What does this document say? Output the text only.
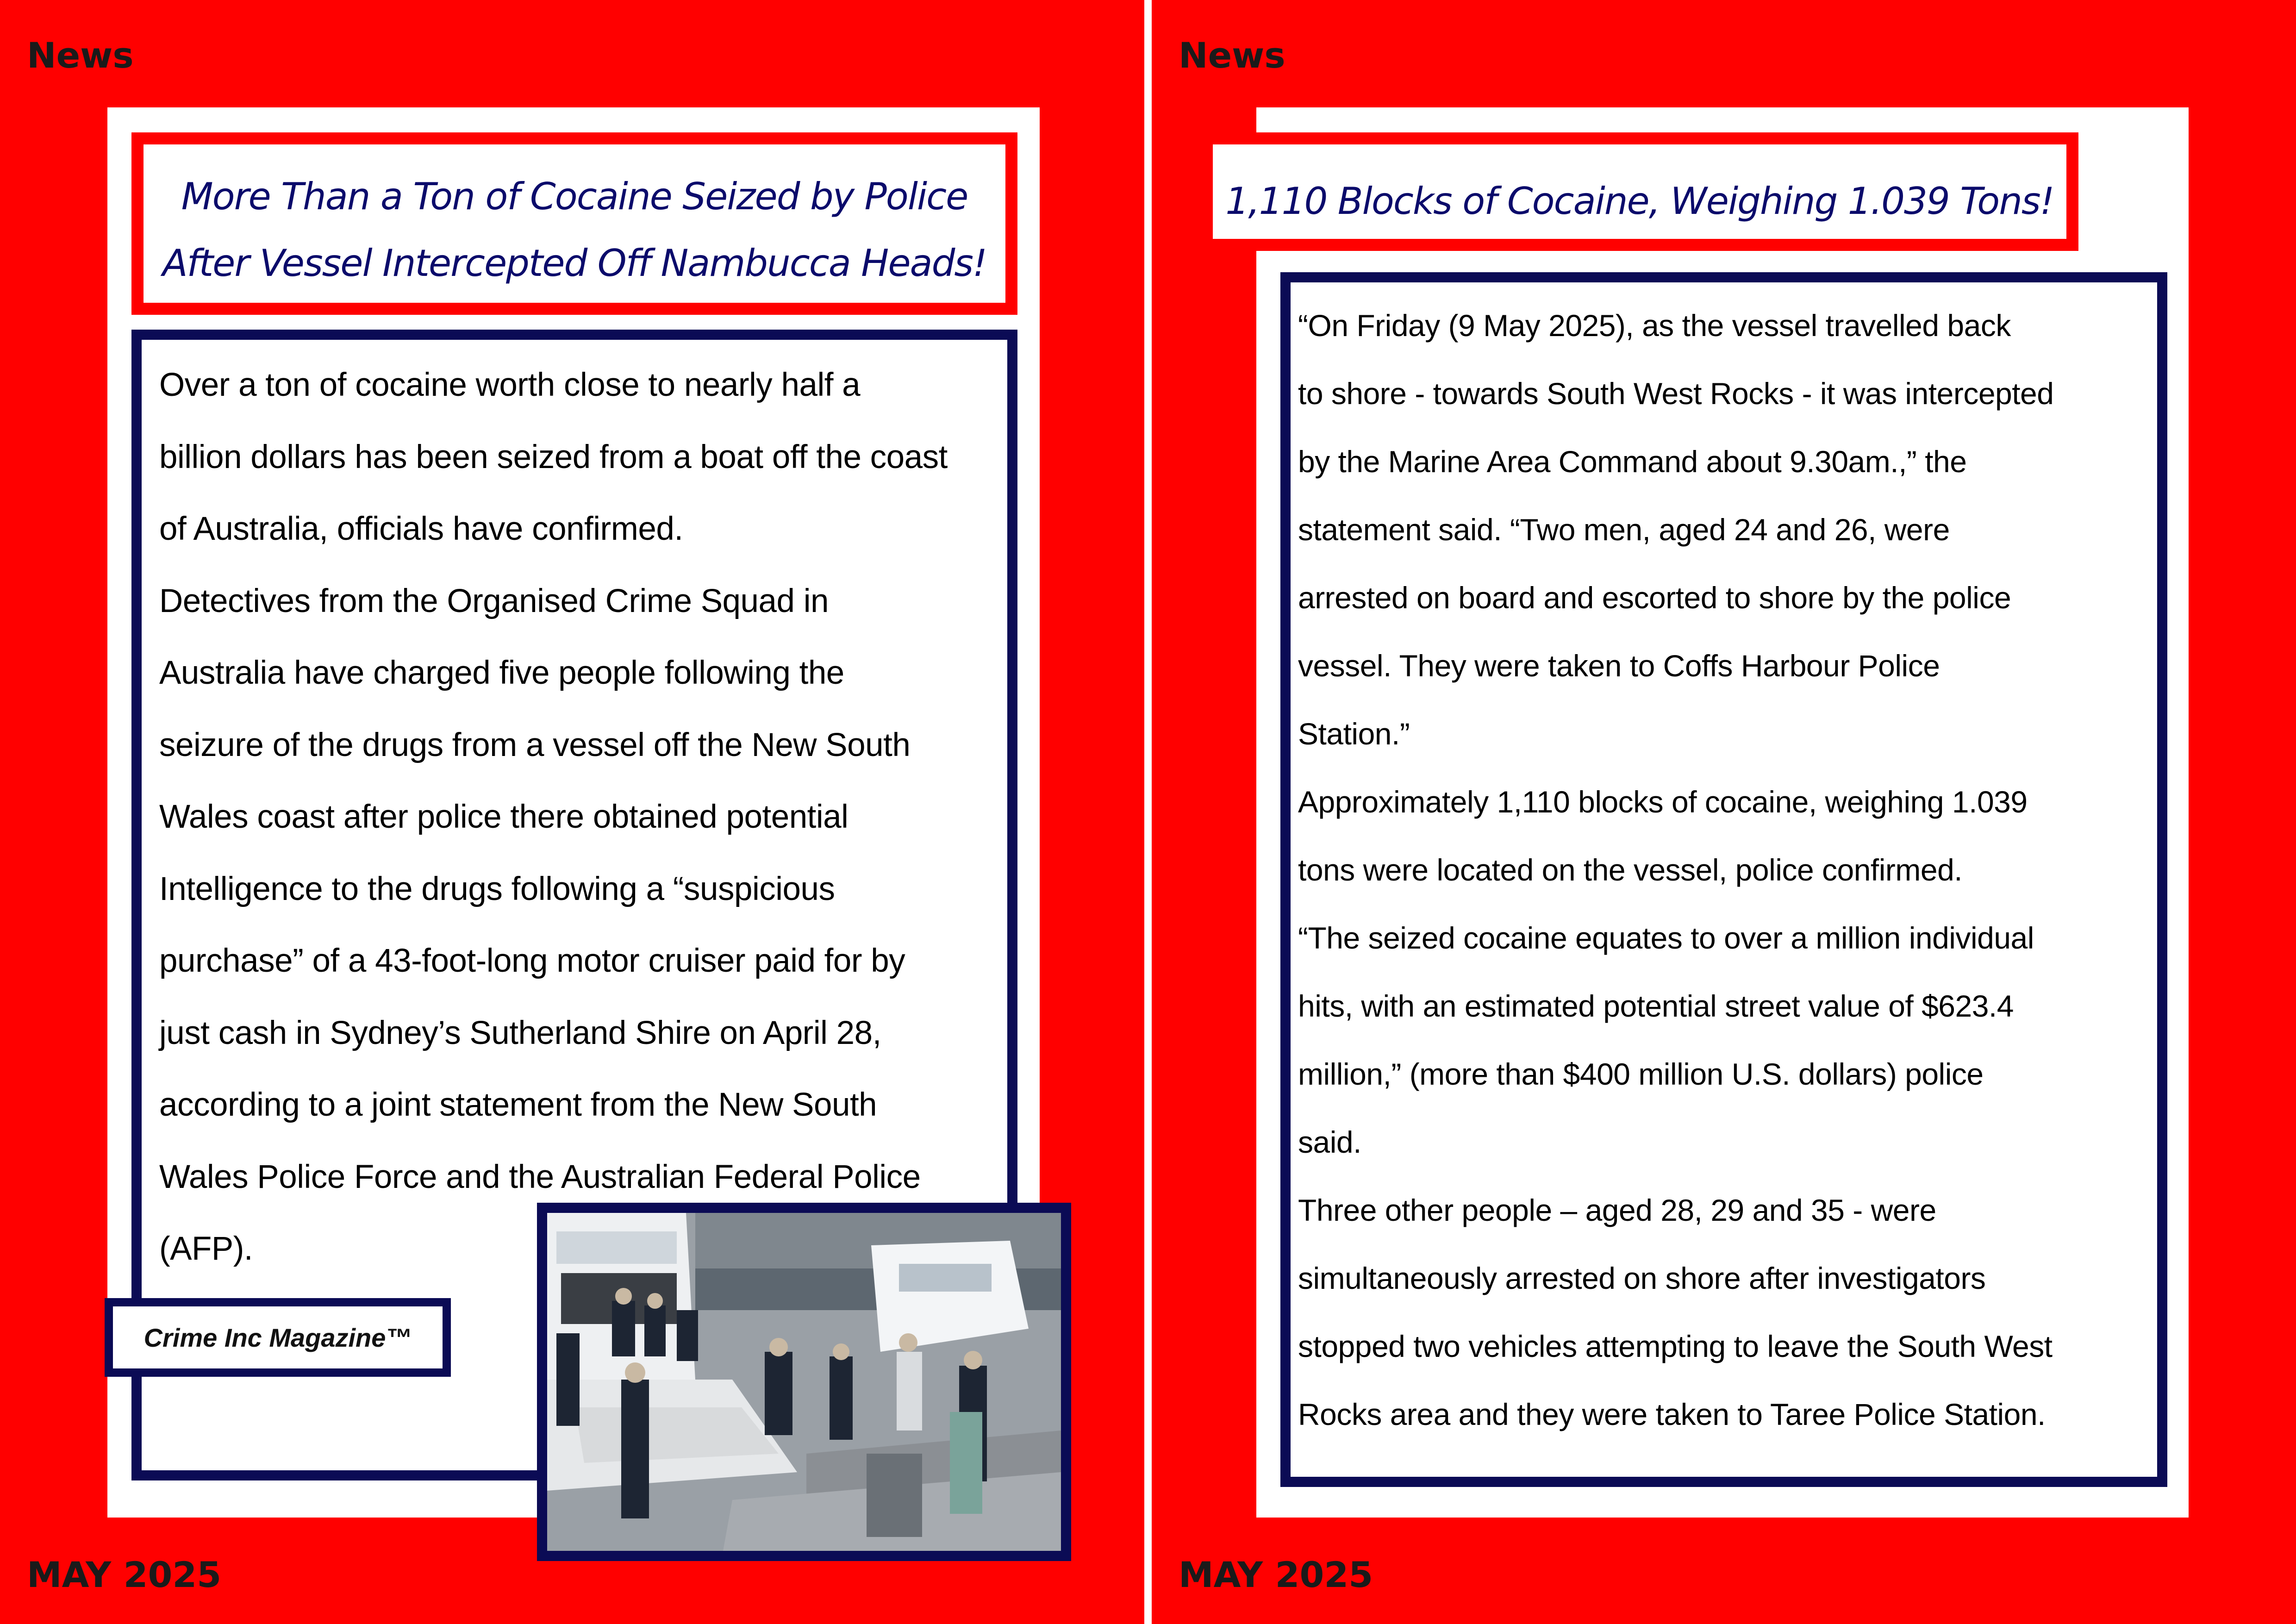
News
More Than a Ton of Cocaine Seized by Police
After Vessel Intercepted Off Nambucca Heads!

Over a ton of cocaine worth close to nearly half a
billion dollars has been seized from a boat off the coast
of Australia, officials have confirmed.
Detectives from the Organised Crime Squad in
Australia have charged five people following the
seizure of the drugs from a vessel off the New South
Wales coast after police there obtained potential
Intelligence to the drugs following a “suspicious
purchase” of a 43-foot-long motor cruiser paid for by
just cash in Sydney’s Sutherland Shire on April 28,
according to a joint statement from the New South
Wales Police Force and the Australian Federal Police
(AFP).

Crime Inc Magazine™
MAY 2025
News
1,110 Blocks of Cocaine, Weighing 1.039 Tons!

“On Friday (9 May 2025), as the vessel travelled back
to shore - towards South West Rocks - it was intercepted
by the Marine Area Command about 9.30am.,” the
statement said. “Two men, aged 24 and 26, were
arrested on board and escorted to shore by the police
vessel. They were taken to Coffs Harbour Police
Station.”
Approximately 1,110 blocks of cocaine, weighing 1.039
tons were located on the vessel, police confirmed.
“The seized cocaine equates to over a million individual
hits, with an estimated potential street value of $623.4
million,” (more than $400 million U.S. dollars) police
said.
Three other people – aged 28, 29 and 35 - were
simultaneously arrested on shore after investigators
stopped two vehicles attempting to leave the South West
Rocks area and they were taken to Taree Police Station.

MAY 2025
